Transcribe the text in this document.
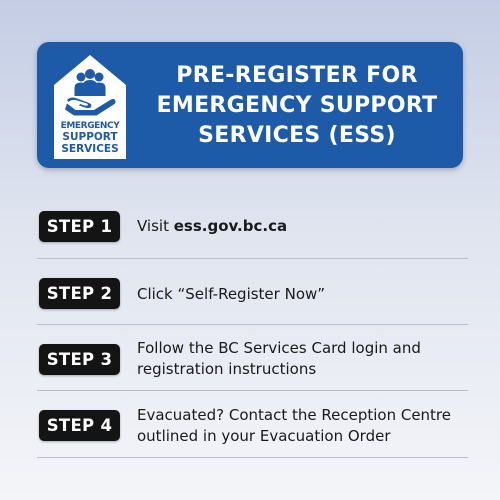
EMERGENCY
SUPPORT
SERVICES
PRE-REGISTER FOR
EMERGENCY SUPPORT
SERVICES (ESS)
STEP 1	Visit ess.gov.bc.ca
STEP 2	Click “Self-Register Now”
STEP 3
Follow the BC Services Card login and registration instructions
STEP 4
Evacuated? Contact the Reception Centre outlined in your Evacuation Order
